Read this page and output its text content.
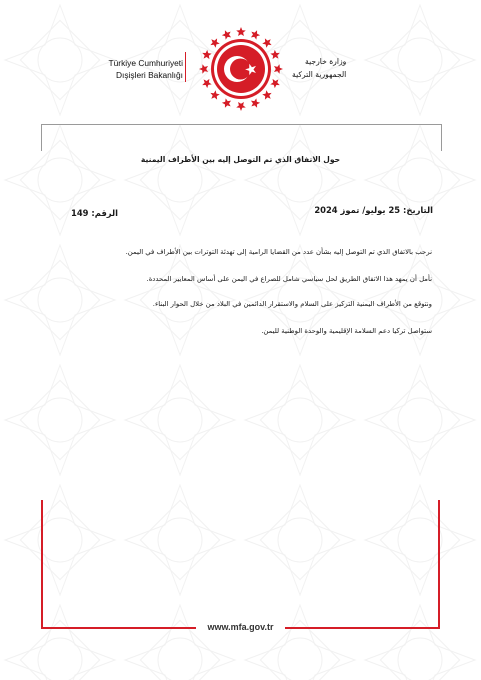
Türkiye Cumhuriyeti
Dışişleri Bakanlığı
وزارة خارجية
الجمهورية التركية
www.mfa.gov.tr
حول الاتفاق الذي تم التوصل إليه بين الأطراف اليمنية
التاريخ: 25 يوليو/ تموز 2024
الرقم: 149
نرحب بالاتفاق الذي تم التوصل إليه بشأن عدد من القضايا الرامية إلى تهدئة التوترات بين الأطراف في اليمن.
نأمل أن يمهد هذا الاتفاق الطريق لحل سياسي شامل للصراع في اليمن على أساس المعايير المحددة.
ونتوقع من الأطراف اليمنية التركيز على السلام والاستقرار الدائمين في البلاد من خلال الحوار البناء.
ستواصل تركيا دعم السلامة الإقليمية والوحدة الوطنية لليمن.
